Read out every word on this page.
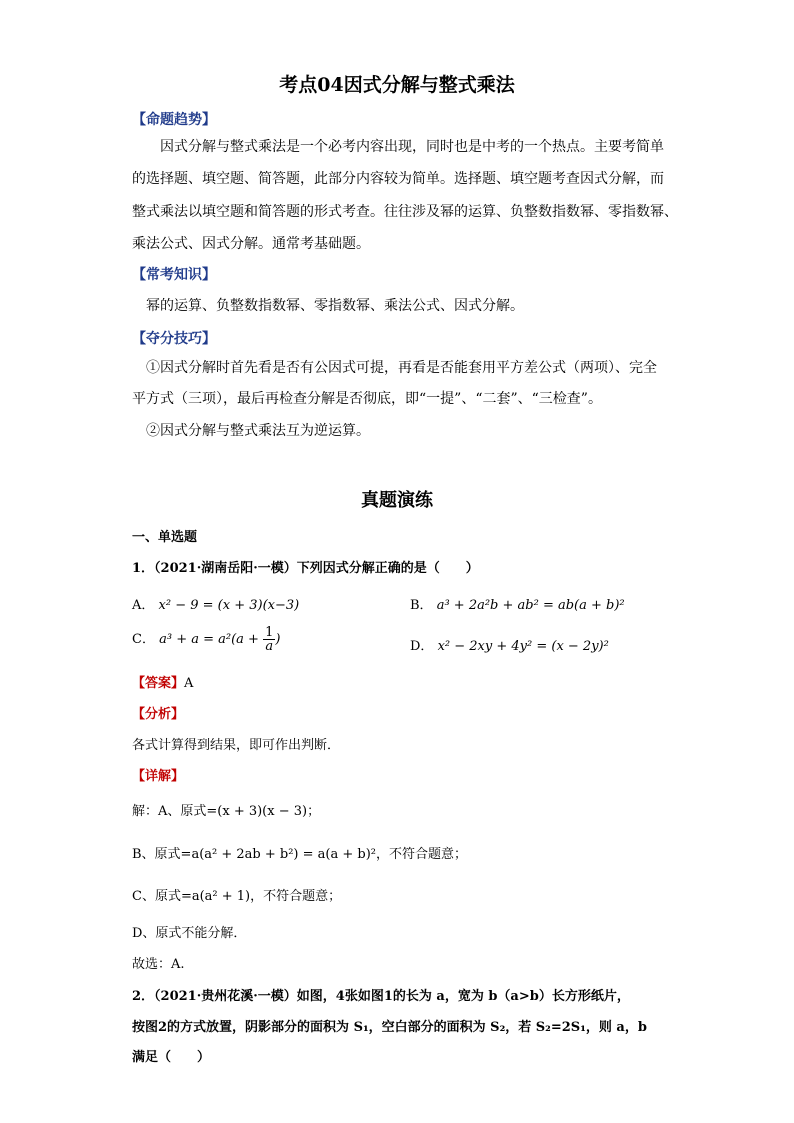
考点04因式分解与整式乘法
【命题趋势】
因式分解与整式乘法是一个必考内容出现，同时也是中考的一个热点。主要考简单
的选择题、填空题、简答题，此部分内容较为简单。选择题、填空题考查因式分解，而
整式乘法以填空题和简答题的形式考查。往往涉及幂的运算、负整数指数幂、零指数幂、
乘法公式、因式分解。通常考基础题。
【常考知识】
幂的运算、负整数指数幂、零指数幂、乘法公式、因式分解。
【夺分技巧】
①因式分解时首先看是否有公因式可提，再看是否能套用平方差公式（两项）、完全
平方式（三项），最后再检查分解是否彻底，即“一提”、“二套”、“三检查”。
②因式分解与整式乘法互为逆运算。
真题演练
一、单选题
1．（2021·湖南岳阳·一模）下列因式分解正确的是（　　）
A． x² − 9 = (x + 3)(x−3)	B． a³ + 2a²b + ab² = ab(a + b)²
C． $a^3 + a = a^2(a + \frac{1}{a}$ )	D． x² − 2xy + 4y² = (x − 2y)²
【答案】A
【分析】
各式计算得到结果，即可作出判断．
【详解】
解：A、原式=(x + 3)(x − 3)；
B、原式=a(a² + 2ab + b²) = a(a + b)²，不符合题意；
C、原式=a(a² + 1)，不符合题意；
D、原式不能分解．
故选：A.
2．（2021·贵州花溪·一模）如图，4张如图1的长为 a，宽为 b（a>b）长方形纸片，
按图2的方式放置，阴影部分的面积为 S₁，空白部分的面积为 S₂，若 S₂=2S₁，则 a，b
满足（　　）
